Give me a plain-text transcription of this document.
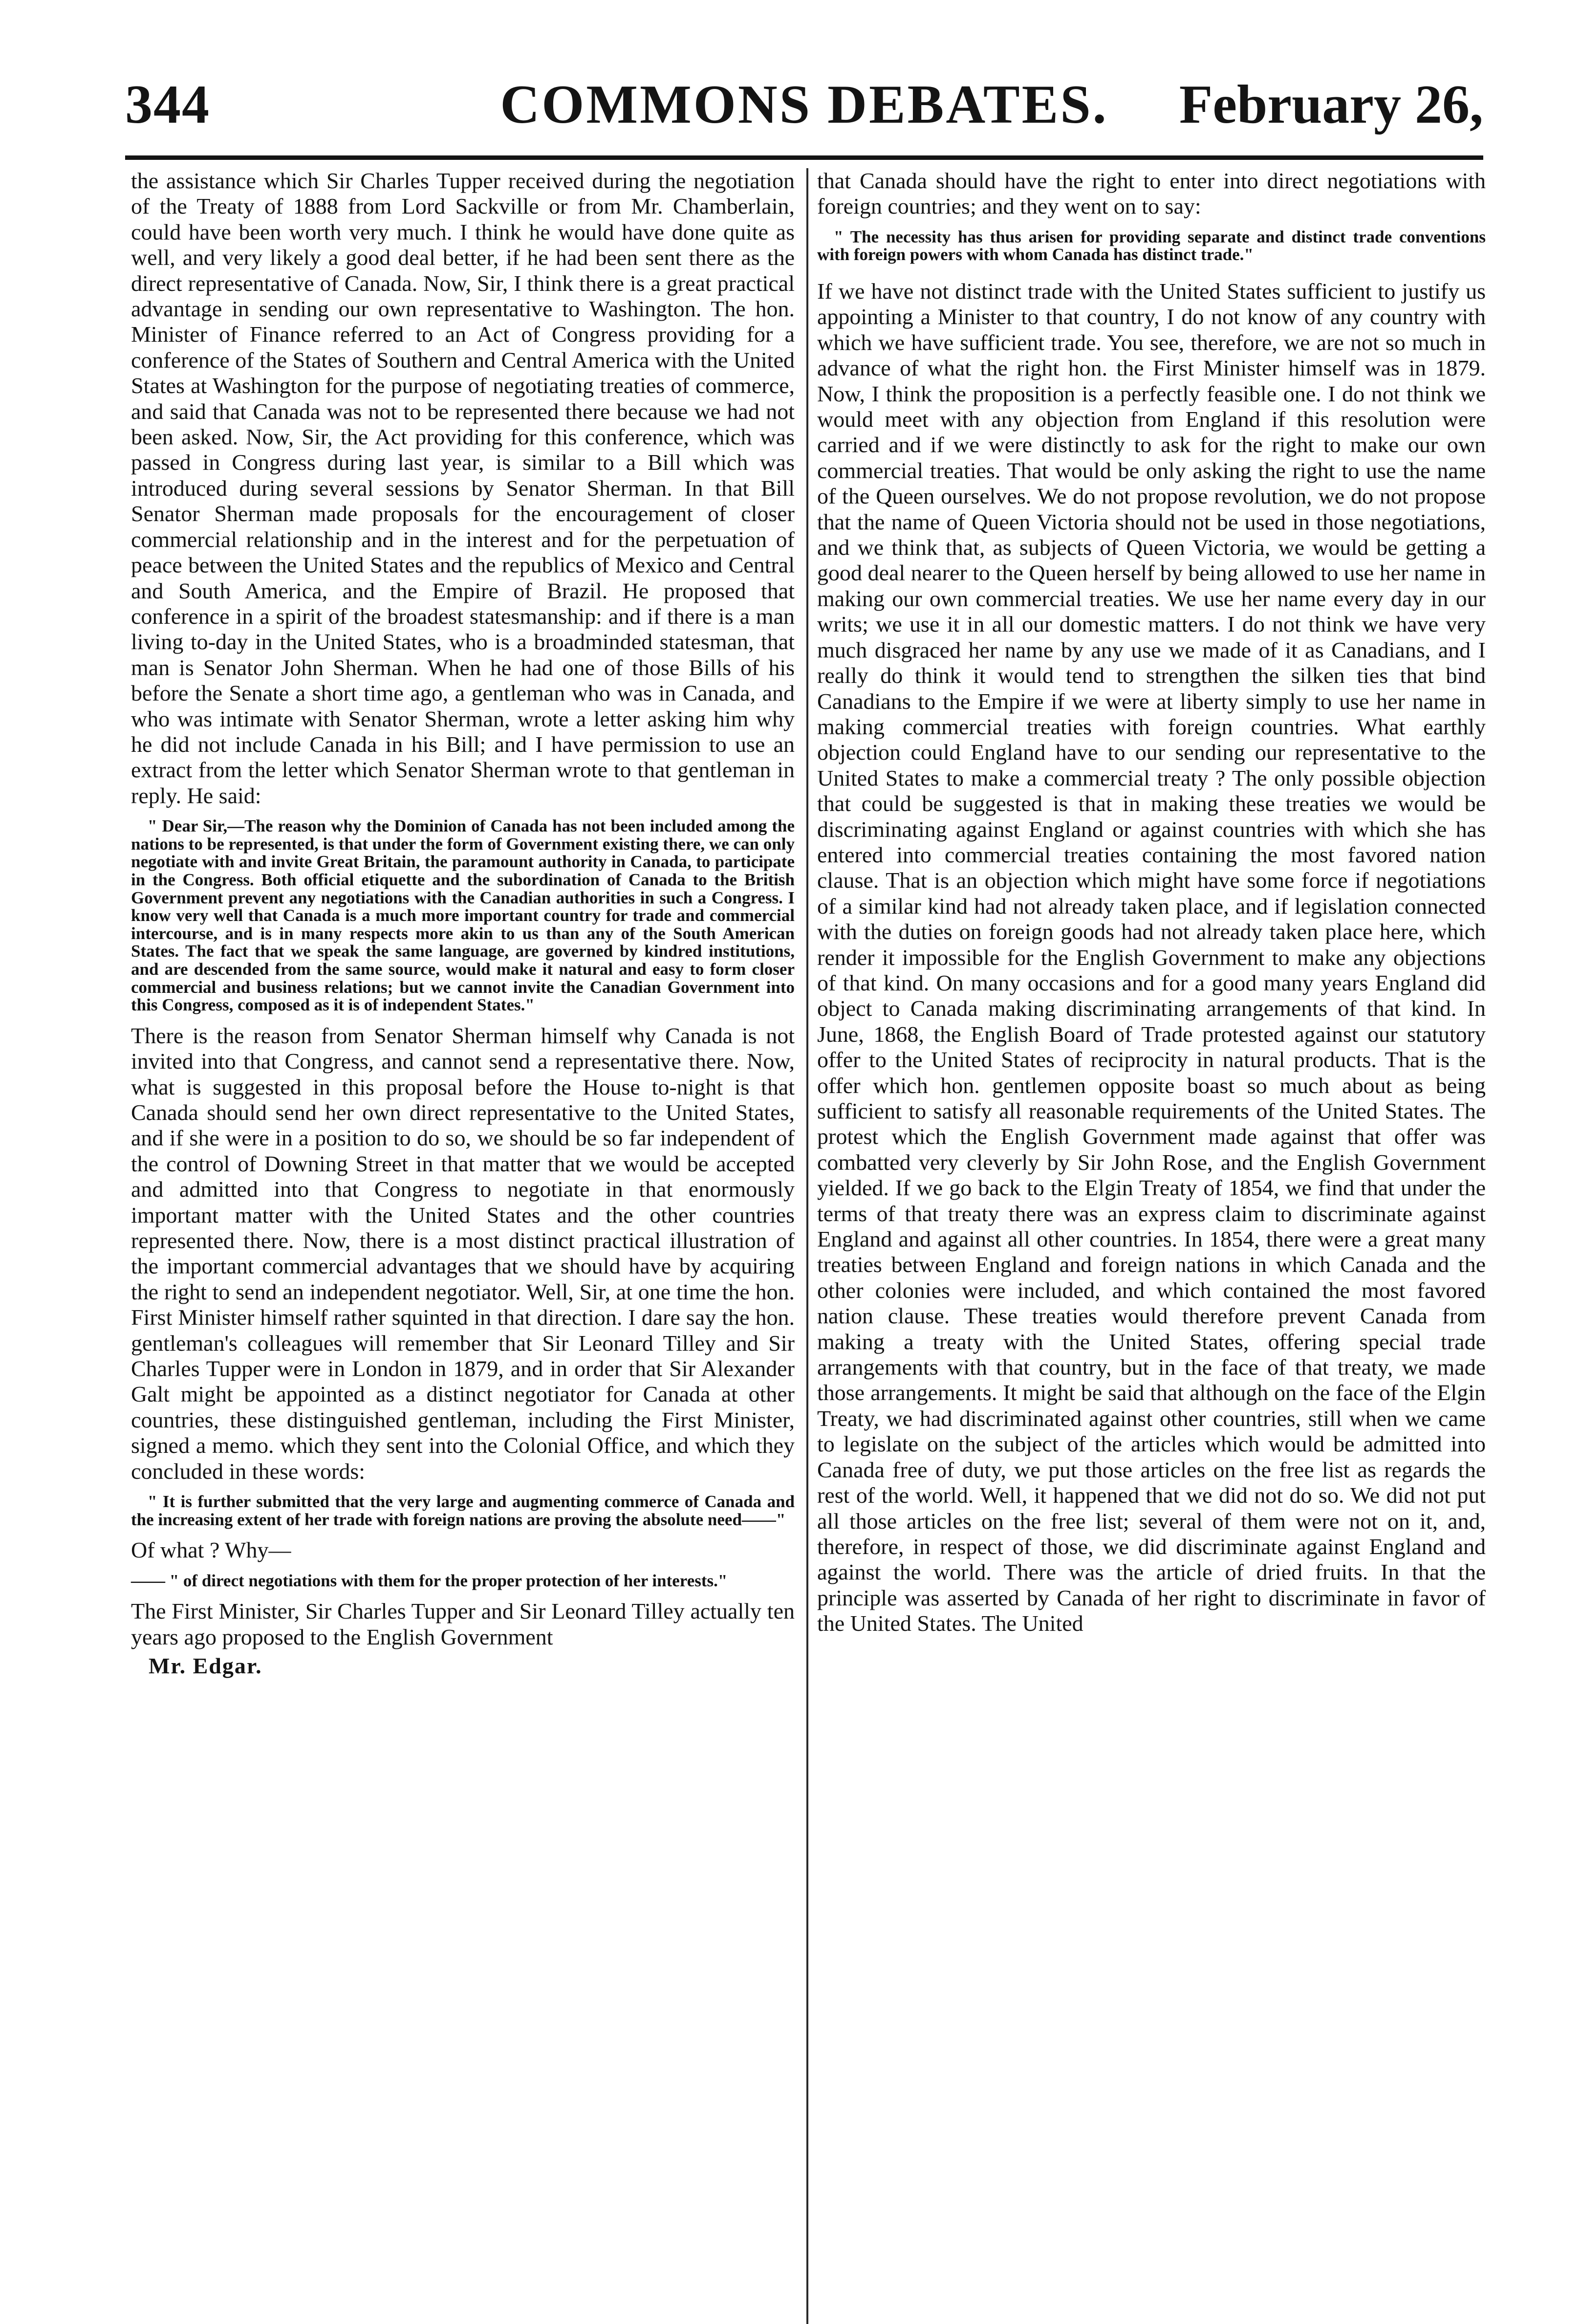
344	COMMONS DEBATES.	February 26,

the assistance which Sir Charles Tupper received during the negotiation of the Treaty of 1888 from Lord Sackville or from Mr. Chamberlain, could have been worth very much. I think he would have done quite as well, and very likely a good deal better, if he had been sent there as the direct representative of Canada. Now, Sir, I think there is a great practical advantage in sending our own representative to Washington. The hon. Minister of Finance referred to an Act of Congress providing for a conference of the States of Southern and Central America with the United States at Washington for the purpose of negotiating treaties of commerce, and said that Canada was not to be represented there because we had not been asked. Now, Sir, the Act providing for this conference, which was passed in Congress during last year, is similar to a Bill which was introduced during several sessions by Senator Sherman. In that Bill Senator Sherman made proposals for the encouragement of closer commercial relationship and in the interest and for the perpetuation of peace between the United States and the republics of Mexico and Central and South America, and the Empire of Brazil. He proposed that conference in a spirit of the broadest statesmanship: and if there is a man living to-day in the United States, who is a broadminded statesman, that man is Senator John Sherman. When he had one of those Bills of his before the Senate a short time ago, a gentleman who was in Canada, and who was intimate with Senator Sherman, wrote a letter asking him why he did not include Canada in his Bill; and I have permission to use an extract from the letter which Senator Sherman wrote to that gentleman in reply. He said:

" Dear Sir,—The reason why the Dominion of Canada has not been included among the nations to be represented, is that under the form of Government existing there, we can only negotiate with and invite Great Britain, the paramount authority in Canada, to participate in the Congress. Both official etiquette and the subordination of Canada to the British Government prevent any negotiations with the Canadian authorities in such a Congress. I know very well that Canada is a much more important country for trade and commercial intercourse, and is in many respects more akin to us than any of the South American States. The fact that we speak the same language, are governed by kindred institutions, and are descended from the same source, would make it natural and easy to form closer commercial and business relations; but we cannot invite the Canadian Government into this Congress, composed as it is of independent States."

There is the reason from Senator Sherman himself why Canada is not invited into that Congress, and cannot send a representative there. Now, what is suggested in this proposal before the House to-night is that Canada should send her own direct representative to the United States, and if she were in a position to do so, we should be so far independent of the control of Downing Street in that matter that we would be accepted and admitted into that Congress to negotiate in that enormously important matter with the United States and the other countries represented there. Now, there is a most distinct practical illustration of the important commercial advantages that we should have by acquiring the right to send an independent negotiator. Well, Sir, at one time the hon. First Minister himself rather squinted in that direction. I dare say the hon. gentleman's colleagues will remember that Sir Leonard Tilley and Sir Charles Tupper were in London in 1879, and in order that Sir Alexander Galt might be appointed as a distinct negotiator for Canada at other countries, these distinguished gentleman, including the First Minister, signed a memo. which they sent into the Colonial Office, and which they concluded in these words:

" It is further submitted that the very large and augmenting commerce of Canada and the increasing extent of her trade with foreign nations are proving the absolute need——"

Of what ? Why—

—— " of direct negotiations with them for the proper protection of her interests."

The First Minister, Sir Charles Tupper and Sir Leonard Tilley actually ten years ago proposed to the English Government

Mr. Edgar.

that Canada should have the right to enter into direct negotiations with foreign countries; and they went on to say:

" The necessity has thus arisen for providing separate and distinct trade conventions with foreign powers with whom Canada has distinct trade."

If we have not distinct trade with the United States sufficient to justify us appointing a Minister to that country, I do not know of any country with which we have sufficient trade. You see, therefore, we are not so much in advance of what the right hon. the First Minister himself was in 1879. Now, I think the proposition is a perfectly feasible one. I do not think we would meet with any objection from England if this resolution were carried and if we were distinctly to ask for the right to make our own commercial treaties. That would be only asking the right to use the name of the Queen ourselves. We do not propose revolution, we do not propose that the name of Queen Victoria should not be used in those negotiations, and we think that, as subjects of Queen Victoria, we would be getting a good deal nearer to the Queen herself by being allowed to use her name in making our own commercial treaties. We use her name every day in our writs; we use it in all our domestic matters. I do not think we have very much disgraced her name by any use we made of it as Canadians, and I really do think it would tend to strengthen the silken ties that bind Canadians to the Empire if we were at liberty simply to use her name in making commercial treaties with foreign countries. What earthly objection could England have to our sending our representative to the United States to make a commercial treaty ? The only possible objection that could be suggested is that in making these treaties we would be discriminating against England or against countries with which she has entered into commercial treaties containing the most favored nation clause. That is an objection which might have some force if negotiations of a similar kind had not already taken place, and if legislation connected with the duties on foreign goods had not already taken place here, which render it impossible for the English Government to make any objections of that kind. On many occasions and for a good many years England did object to Canada making discriminating arrangements of that kind. In June, 1868, the English Board of Trade protested against our statutory offer to the United States of reciprocity in natural products. That is the offer which hon. gentlemen opposite boast so much about as being sufficient to satisfy all reasonable requirements of the United States. The protest which the English Government made against that offer was combatted very cleverly by Sir John Rose, and the English Government yielded. If we go back to the Elgin Treaty of 1854, we find that under the terms of that treaty there was an express claim to discriminate against England and against all other countries. In 1854, there were a great many treaties between England and foreign nations in which Canada and the other colonies were included, and which contained the most favored nation clause. These treaties would therefore prevent Canada from making a treaty with the United States, offering special trade arrangements with that country, but in the face of that treaty, we made those arrangements. It might be said that although on the face of the Elgin Treaty, we had discriminated against other countries, still when we came to legislate on the subject of the articles which would be admitted into Canada free of duty, we put those articles on the free list as regards the rest of the world. Well, it happened that we did not do so. We did not put all those articles on the free list; several of them were not on it, and, therefore, in respect of those, we did discriminate against England and against the world. There was the article of dried fruits. In that the principle was asserted by Canada of her right to discriminate in favor of the United States. The United
